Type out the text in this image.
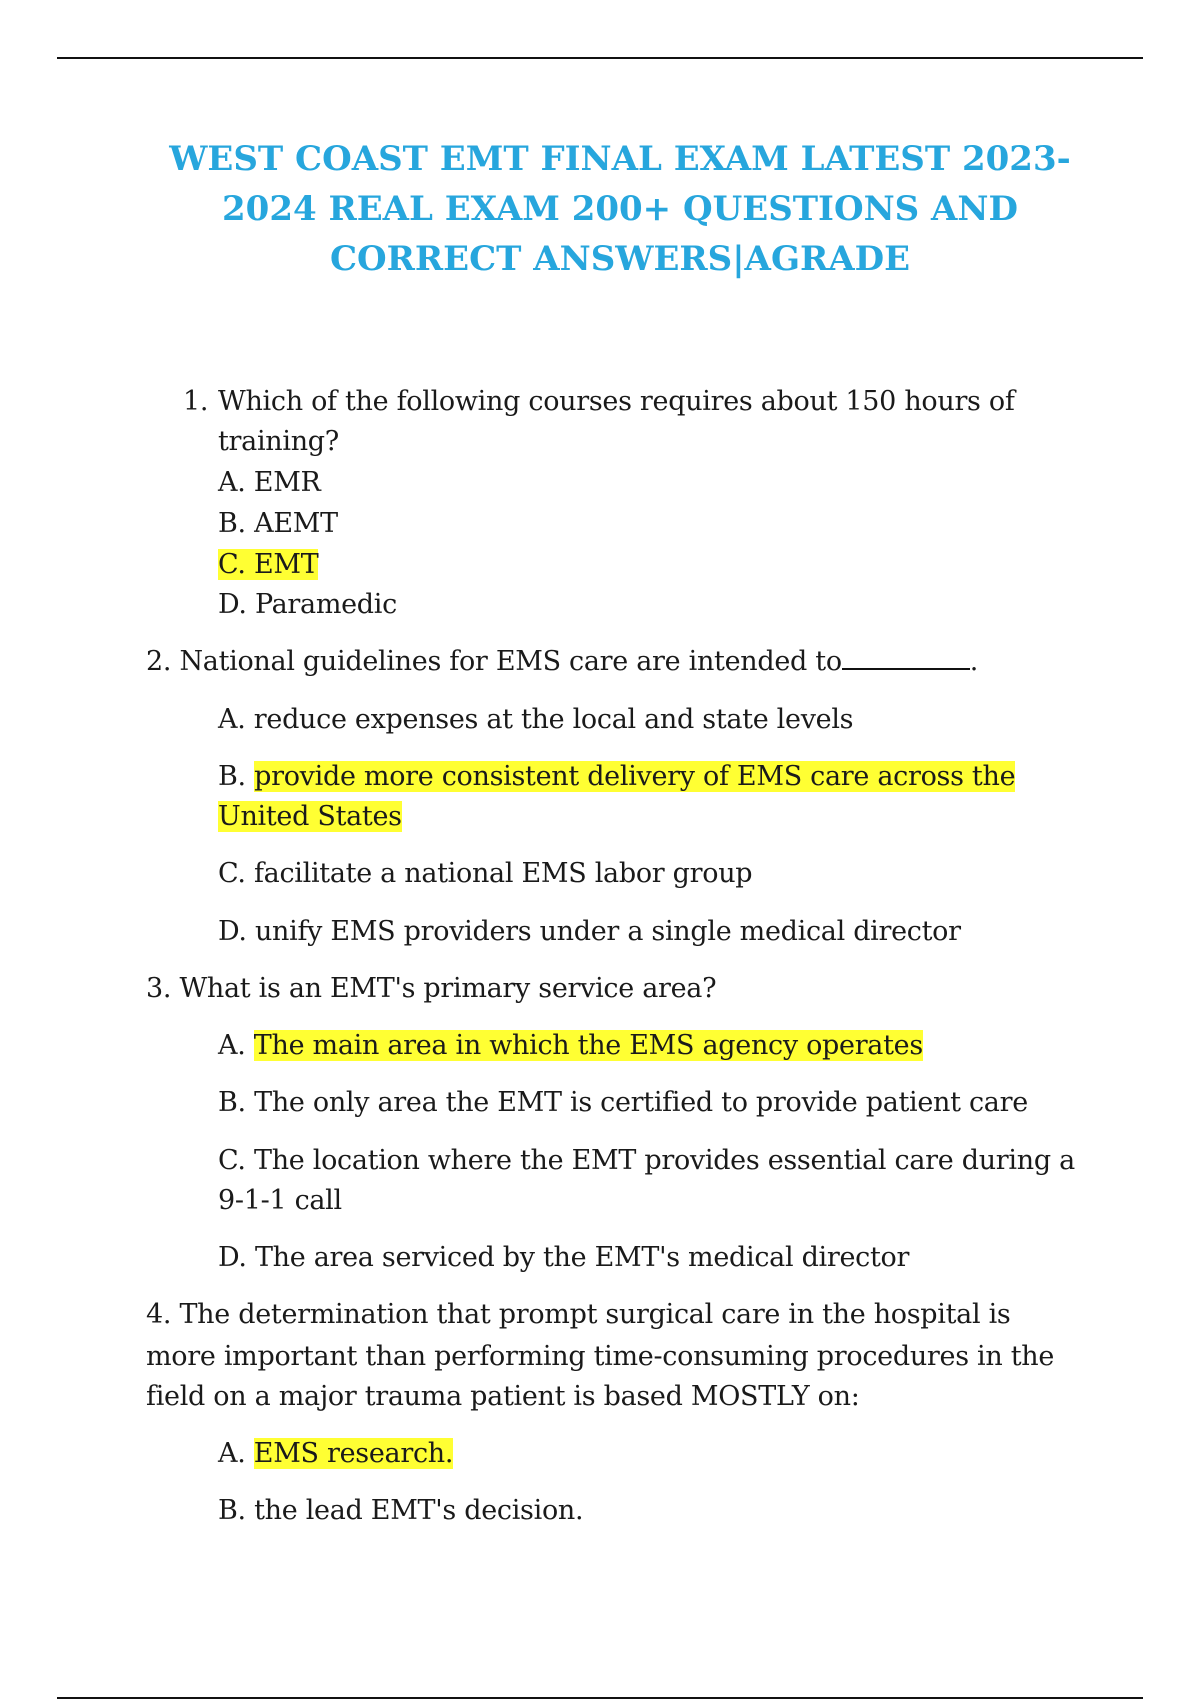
WEST COAST EMT FINAL EXAM LATEST 2023-
2024 REAL EXAM 200+ QUESTIONS AND
CORRECT ANSWERS|AGRADE

1. Which of the following courses requires about 150 hours of

training?

A. EMR

B. AEMT

C. EMT

D. Paramedic

2. National guidelines for EMS care are intended to	.

A. reduce expenses at the local and state levels

B. provide more consistent delivery of EMS care across the

United States

C. facilitate a national EMS labor group

D. unify EMS providers under a single medical director

3. What is an EMT's primary service area?

A. The main area in which the EMS agency operates

B. The only area the EMT is certified to provide patient care

C. The location where the EMT provides essential care during a

9-1-1 call

D. The area serviced by the EMT's medical director

4. The determination that prompt surgical care in the hospital is

more important than performing time-consuming procedures in the

field on a major trauma patient is based MOSTLY on:

A. EMS research.

B. the lead EMT's decision.
